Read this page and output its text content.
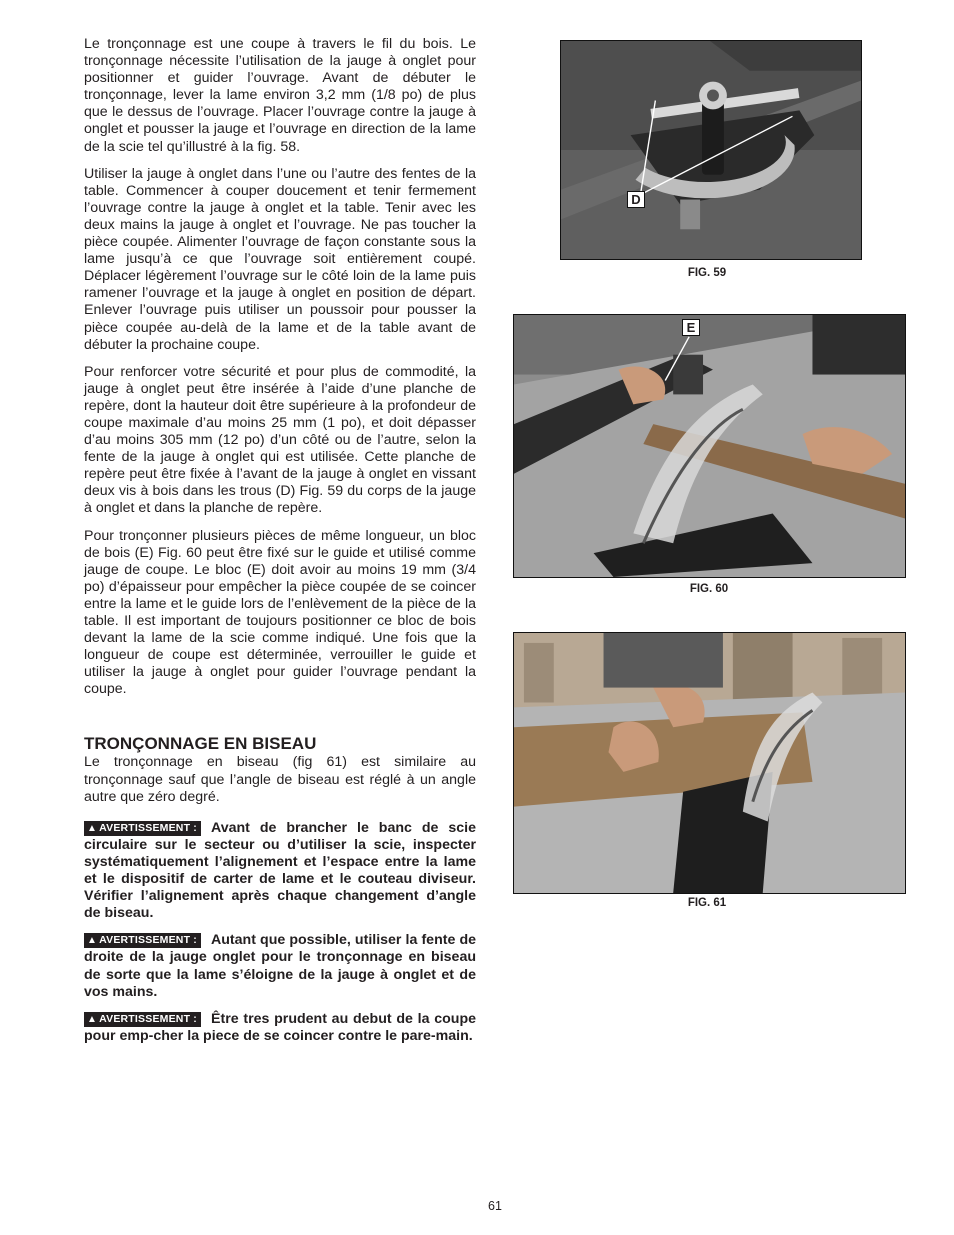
Le tronçonnage est une coupe à travers le fil du bois. Le tronçonnage nécessite l’utilisation de la jauge à onglet pour positionner et guider l’ouvrage. Avant de débuter le tronçonnage, lever la lame environ 3,2 mm (1/8 po) de plus que le dessus de l’ouvrage. Placer l’ouvrage contre la jauge à onglet et pousser la jauge et l’ouvrage en direction de la lame de la scie tel qu’illustré à la fig. 58.

Utiliser la jauge à onglet dans l’une ou l’autre des fentes de la table. Commencer à couper doucement et tenir fermement l’ouvrage contre la jauge à onglet et la table. Tenir avec les deux mains la jauge à onglet et l’ouvrage. Ne pas toucher la pièce coupée. Alimenter l’ouvrage de façon constante sous la lame jusqu’à ce que l’ouvrage soit entièrement coupé. Déplacer légèrement l’ouvrage sur le côté loin de la lame puis ramener l’ouvrage et la jauge à onglet en position de départ. Enlever l’ouvrage puis utiliser un poussoir pour pousser la pièce coupée au-delà de la lame et de la table avant de débuter la prochaine coupe.

Pour renforcer votre sécurité et pour plus de commodité, la jauge à onglet peut être insérée à l’aide d’une planche de repère, dont la hauteur doit être supérieure à la profondeur de coupe maximale d’au moins 25 mm (1 po), et doit dépasser d’au moins 305 mm (12 po) d’un côté ou de l’autre, selon la fente de la jauge à onglet qui est utilisée. Cette planche de repère peut être fixée à l’avant de la jauge à onglet en vissant deux vis à bois dans les trous (D) Fig. 59 du corps de la jauge à onglet et dans la planche de repère.

Pour tronçonner plusieurs pièces de même longueur, un bloc de bois (E) Fig. 60 peut être fixé sur le guide et utilisé comme jauge de coupe. Le bloc (E) doit avoir au moins 19 mm (3/4 po) d’épaisseur pour empêcher la pièce coupée de se coincer entre la lame et le guide lors de l’enlèvement de la pièce de la table. Il est important de toujours positionner ce bloc de bois devant la lame de la scie comme indiqué. Une fois que la longueur de coupe est déterminée, verrouiller le guide et utiliser la jauge à onglet pour guider l’ouvrage pendant la coupe.

TRONÇONNAGE EN BISEAU

Le tronçonnage en biseau (fig 61) est similaire au tronçonnage sauf que l’angle de biseau est réglé à un angle autre que zéro degré.

▲ AVERTISSEMENT : Avant de brancher le banc de scie circulaire sur le secteur ou d’utiliser la scie, inspecter systématiquement l’alignement et l’espace entre la lame et le dispositif de carter de lame et le couteau diviseur. Vérifier l’alignement après chaque changement d’angle de biseau.

▲ AVERTISSEMENT : Autant que possible, utiliser la fente de droite de la jauge onglet pour le tronçonnage en biseau de sorte que la lame s’éloigne de la jauge à onglet et de vos mains.

▲ AVERTISSEMENT : Être tres prudent au debut de la coupe pour emp-cher la piece de se coincer contre le pare-main.

D
FIG. 59
E
FIG. 60
FIG. 61
61
